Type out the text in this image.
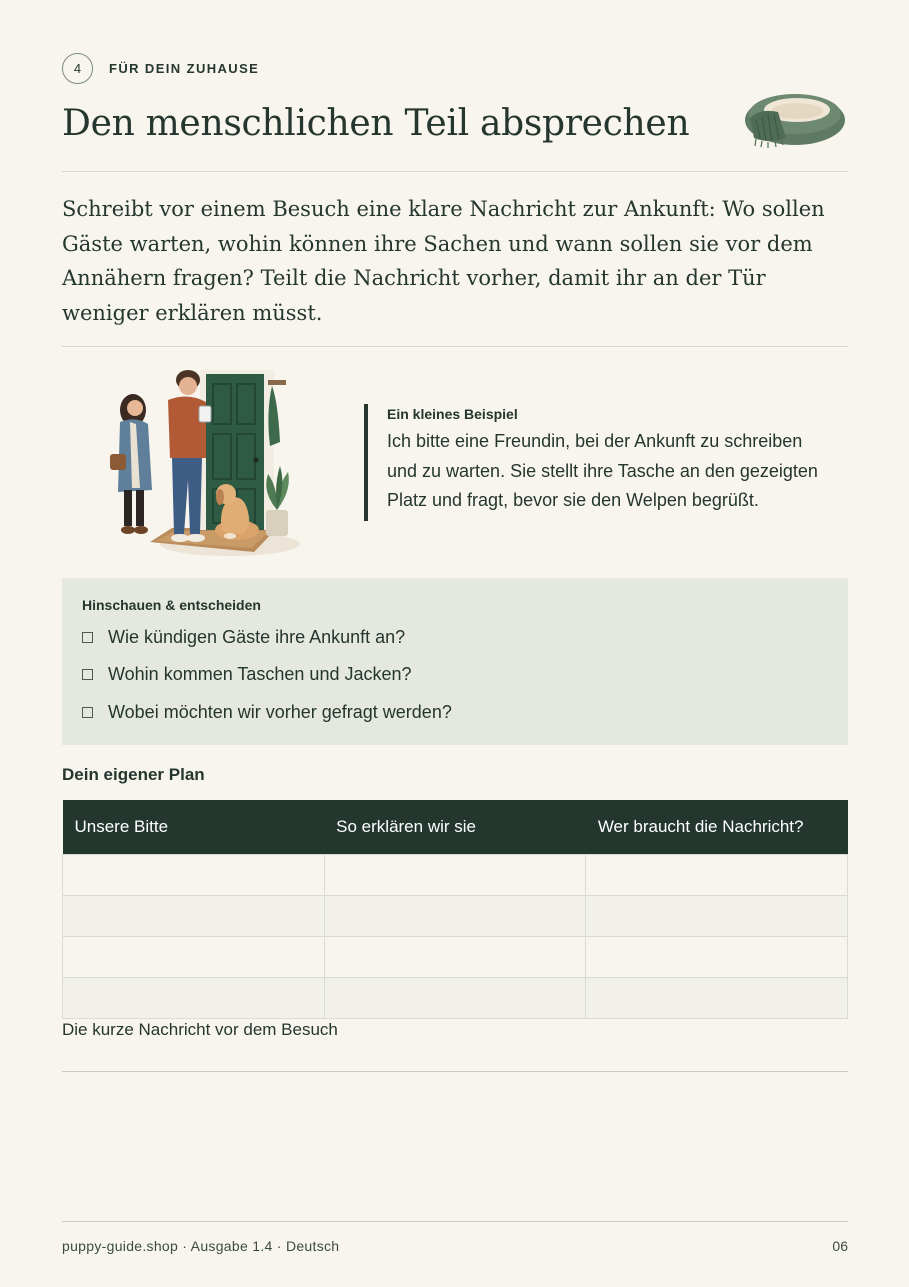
4	FÜR DEIN ZUHAUSE
Den menschlichen Teil absprechen

Schreibt vor einem Besuch eine klare Nachricht zur Ankunft: Wo sollen Gäste warten, wohin können ihre Sachen und wann sollen sie vor dem Annähern fragen? Teilt die Nachricht vorher, damit ihr an der Tür weniger erklären müsst.

Ein kleines Beispiel
Ich bitte eine Freundin, bei der Ankunft zu schreiben und zu warten. Sie stellt ihre Tasche an den gezeigten Platz und fragt, bevor sie den Welpen begrüßt.
Hinschauen & entscheiden
Wie kündigen Gäste ihre Ankunft an?
Wohin kommen Taschen und Jacken?
Wobei möchten wir vorher gefragt werden?
Dein eigener Plan
Unsere Bitte	So erklären wir sie	Wer braucht die Nachricht?

Die kurze Nachricht vor dem Besuch
puppy-guide.shop · Ausgabe 1.4 · Deutsch	06
